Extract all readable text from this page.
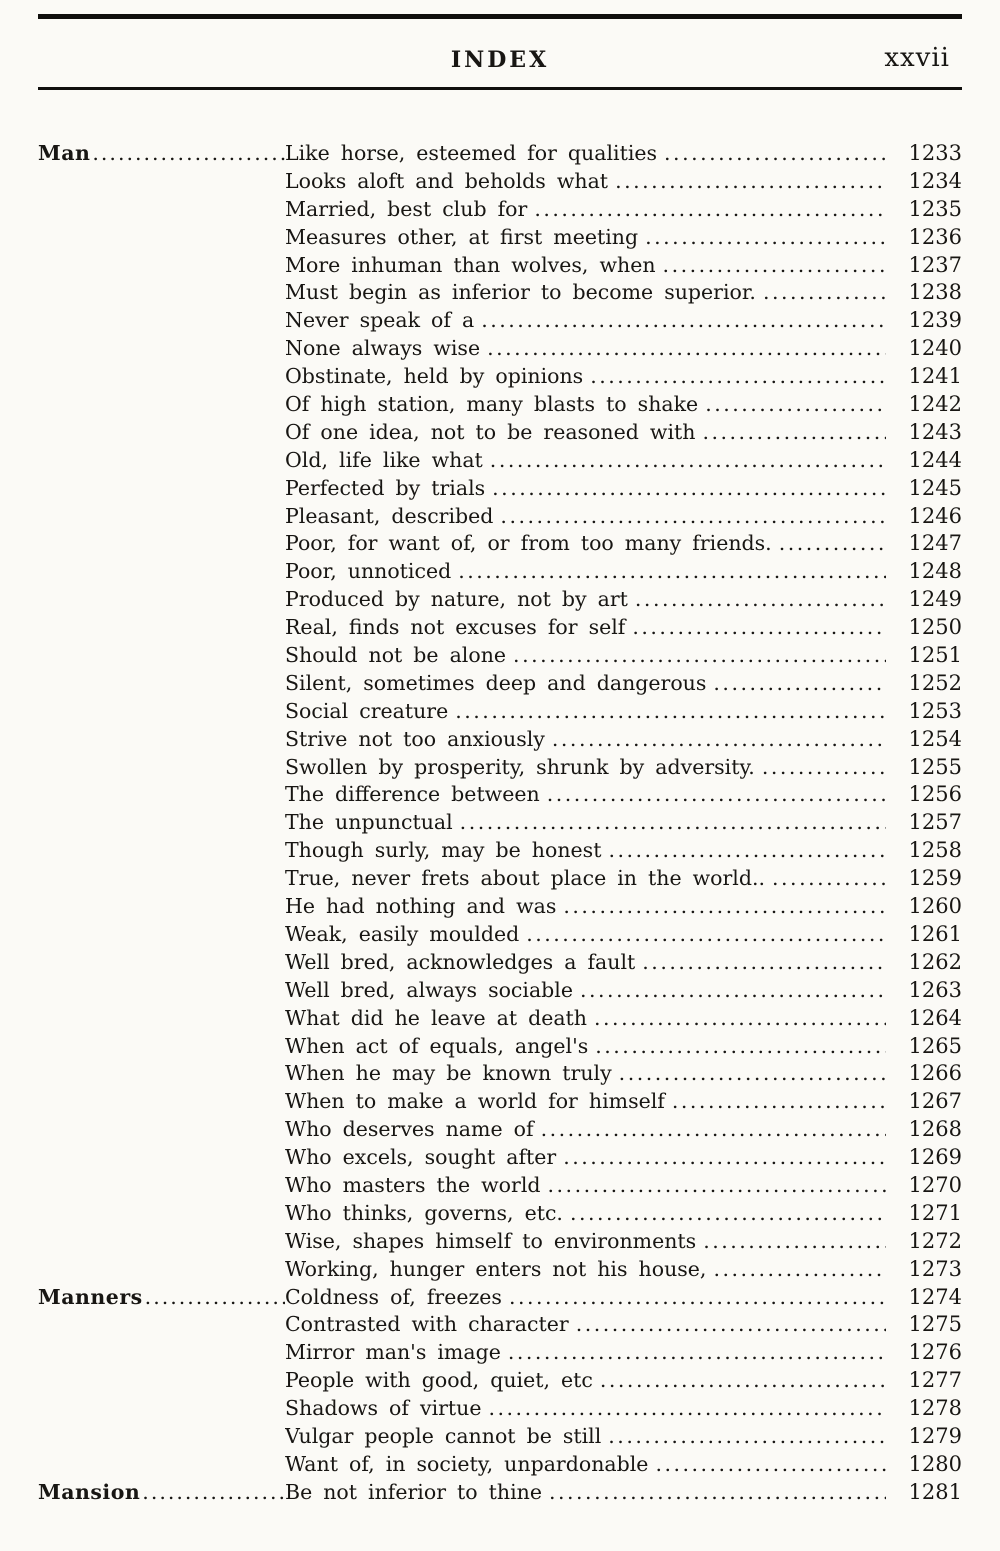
INDEX	xxvii
Man .....	Like horse, esteemed for qualities .....	1233
Looks aloft and beholds what .....	1234
Married, best club for .....	1235
Measures other, at first meeting .....	1236
More inhuman than wolves, when .....	1237
Must begin as inferior to become superior. .....	1238
Never speak of a .....	1239
None always wise .....	1240
Obstinate, held by opinions .....	1241
Of high station, many blasts to shake .....	1242
Of one idea, not to be reasoned with .....	1243
Old, life like what .....	1244
Perfected by trials .....	1245
Pleasant, described .....	1246
Poor, for want of, or from too many friends. .....	1247
Poor, unnoticed .....	1248
Produced by nature, not by art .....	1249
Real, finds not excuses for self .....	1250
Should not be alone .....	1251
Silent, sometimes deep and dangerous .....	1252
Social creature .....	1253
Strive not too anxiously .....	1254
Swollen by prosperity, shrunk by adversity. .....	1255
The difference between .....	1256
The unpunctual .....	1257
Though surly, may be honest .....	1258
True, never frets about place in the world.. .....	1259
He had nothing and was .....	1260
Weak, easily moulded .....	1261
Well bred, acknowledges a fault .....	1262
Well bred, always sociable .....	1263
What did he leave at death .....	1264
When act of equals, angel's .....	1265
When he may be known truly .....	1266
When to make a world for himself .....	1267
Who deserves name of .....	1268
Who excels, sought after .....	1269
Who masters the world .....	1270
Who thinks, governs, etc. .....	1271
Wise, shapes himself to environments .....	1272
Working, hunger enters not his house, .....	1273
Manners .....	Coldness of, freezes .....	1274
Contrasted with character .....	1275
Mirror man's image .....	1276
People with good, quiet, etc .....	1277
Shadows of virtue .....	1278
Vulgar people cannot be still .....	1279
Want of, in society, unpardonable .....	1280
Mansion .....	Be not inferior to thine .....	1281
